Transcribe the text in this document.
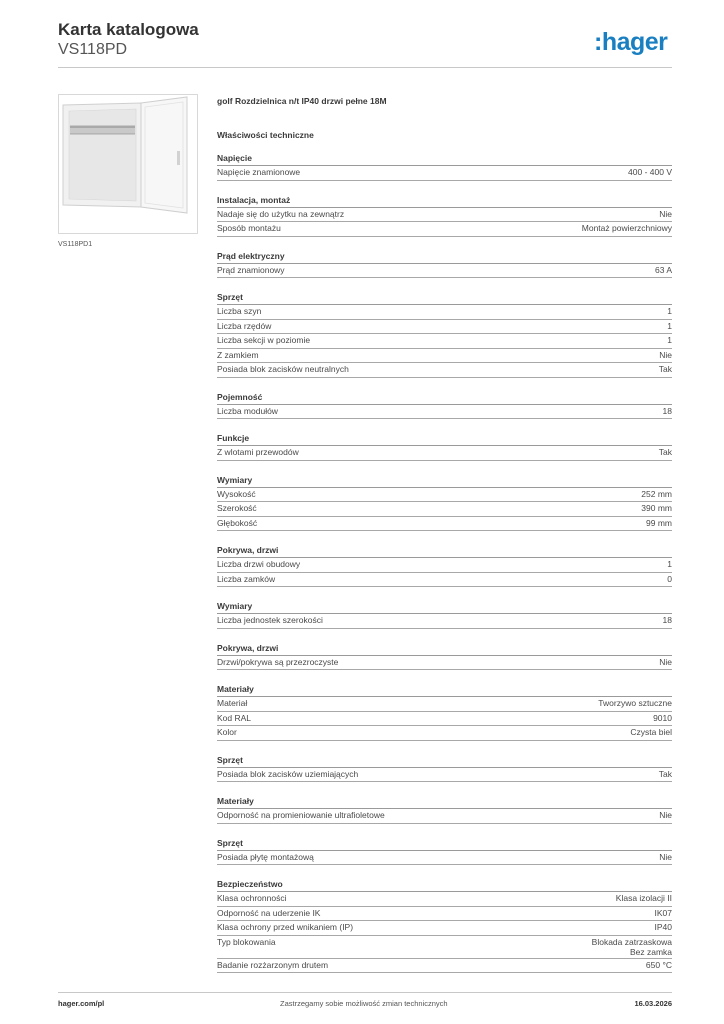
Karta katalogowa
VS118PD	:hager
VS118PD1
golf Rozdzielnica n/t IP40 drzwi pełne 18M
Właściwości techniczne
Napięcie
Napięcie znamionowe	400 - 400 V
Instalacja, montaż
Nadaje się do użytku na zewnątrz	Nie
Sposób montażu	Montaż powierzchniowy
Prąd elektryczny
Prąd znamionowy	63 A
Sprzęt
Liczba szyn	1
Liczba rzędów	1
Liczba sekcji w poziomie	1
Z zamkiem	Nie
Posiada blok zacisków neutralnych	Tak
Pojemność
Liczba modułów	18
Funkcje
Z wlotami przewodów	Tak
Wymiary
Wysokość	252 mm
Szerokość	390 mm
Głębokość	99 mm
Pokrywa, drzwi
Liczba drzwi obudowy	1
Liczba zamków	0
Wymiary
Liczba jednostek szerokości	18
Pokrywa, drzwi
Drzwi/pokrywa są przezroczyste	Nie
Materiały
Materiał	Tworzywo sztuczne
Kod RAL	9010
Kolor	Czysta biel
Sprzęt
Posiada blok zacisków uziemiających	Tak
Materiały
Odporność na promieniowanie ultrafioletowe	Nie
Sprzęt
Posiada płytę montażową	Nie
Bezpieczeństwo
Klasa ochronności	Klasa izolacji II
Odporność na uderzenie IK	IK07
Klasa ochrony przed wnikaniem (IP)	IP40
Typ blokowania	Blokada zatrzaskowa
Bez zamka
Badanie rozżarzonym drutem	650 °C
hager.com/pl	Zastrzegamy sobie możliwość zmian technicznych	16.03.2026
